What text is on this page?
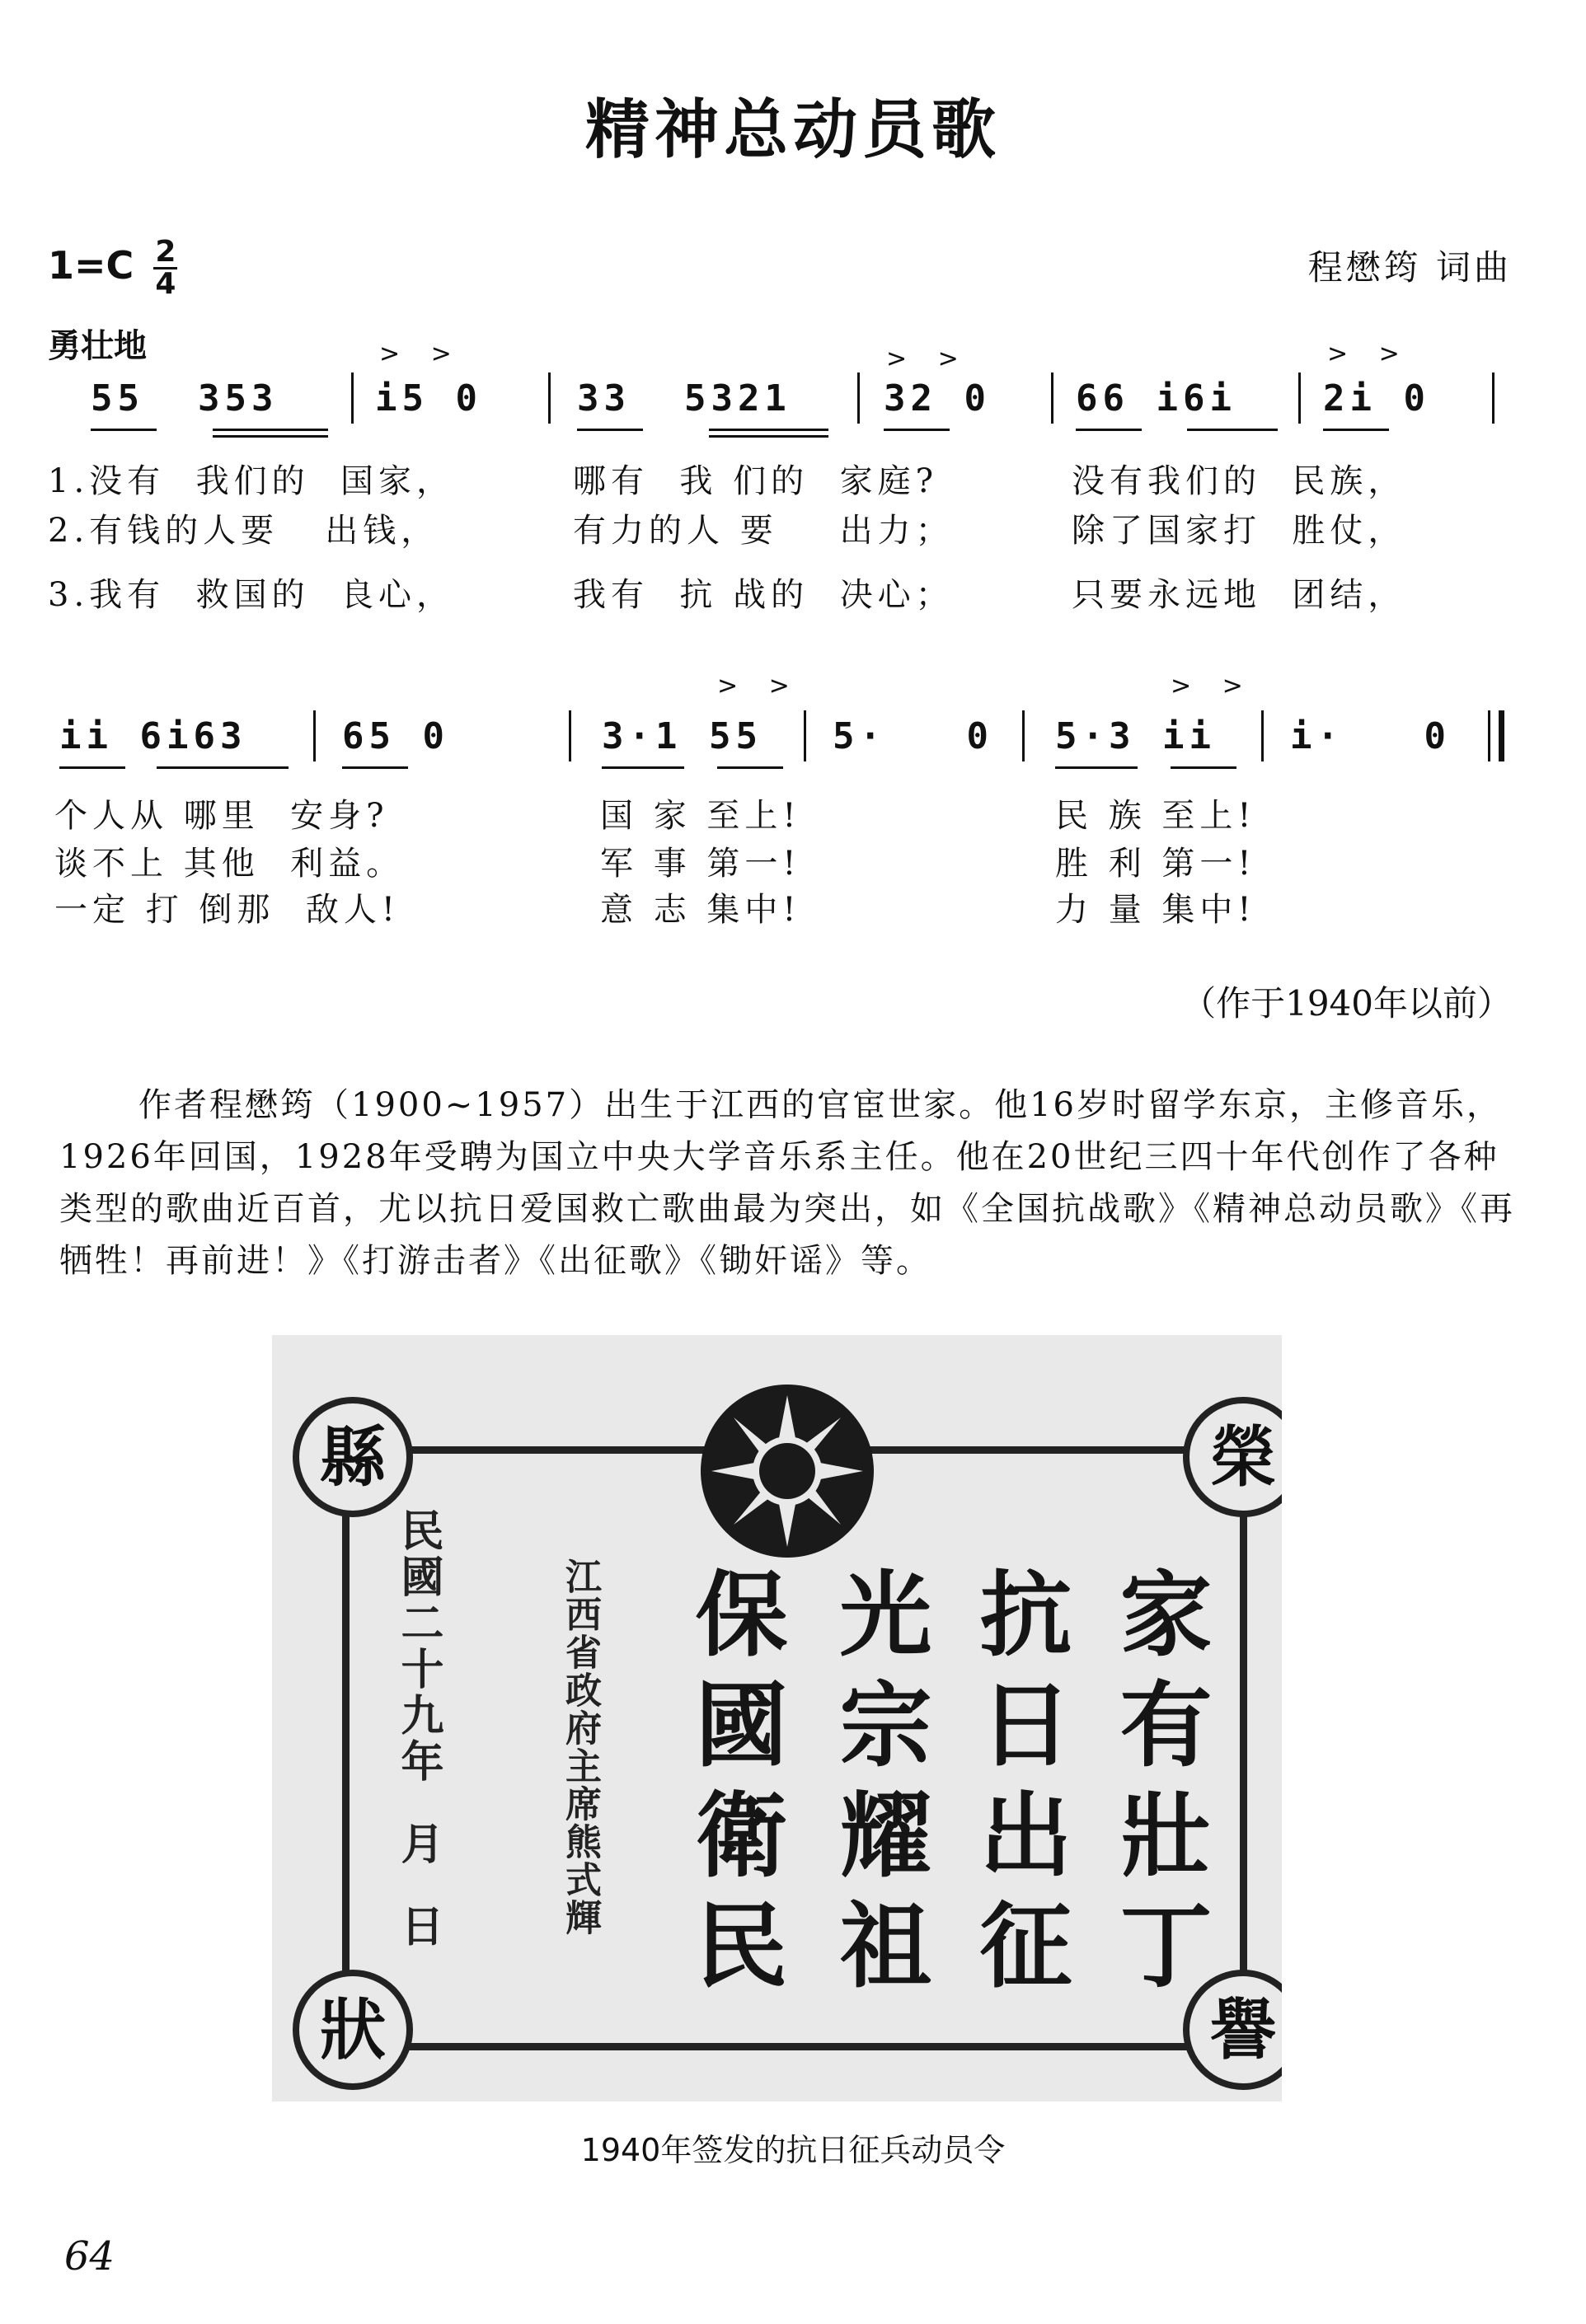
精神总动员歌
$1=C \frac{2}{4}$	程懋筠 词曲
勇壮地	> >	> >	> >
55  353	i5 0	33  5321	32 0 66 i6i 2i 0
1.没有  我们的  国家，	哪有  我 们的  家庭?	没有我们的  民族，
2.有钱的人要   出钱，	有力的人 要    出力；	除了国家打  胜仗，
3.我有  救国的  良心，	我有  抗 战的  决心；	只要永远地  团结，
> >	> >
ii 6i63	65 0	3·1 55 5·   0 5·3 ii i·   0
个人从 哪里  安身?	国 家 至上!	民 族 至上!
谈不上 其他  利益。	军 事 第一!	胜 利 第一!
一定 打 倒那  敌人!	意 志 集中!	力 量 集中!
（作于1940年以前）
作者程懋筠（1900~1957）出生于江西的官宦世家。他16岁时留学东京，主修音乐，1926年回国，1928年受聘为国立中央大学音乐系主任。他在20世纪三四十年代创作了各种类型的歌曲近百首，尤以抗日爱国救亡歌曲最为突出，如《全国抗战歌》《精神总动员歌》《再牺牲！再前进！》《打游击者》《出征歌》《锄奸谣》等。
縣	榮
狀	譽
家有壯丁
抗日出征
光宗耀祖
保國衛民
江西省政府主席熊式輝
民國二十九年  月  日
1940年签发的抗日征兵动员令
64
